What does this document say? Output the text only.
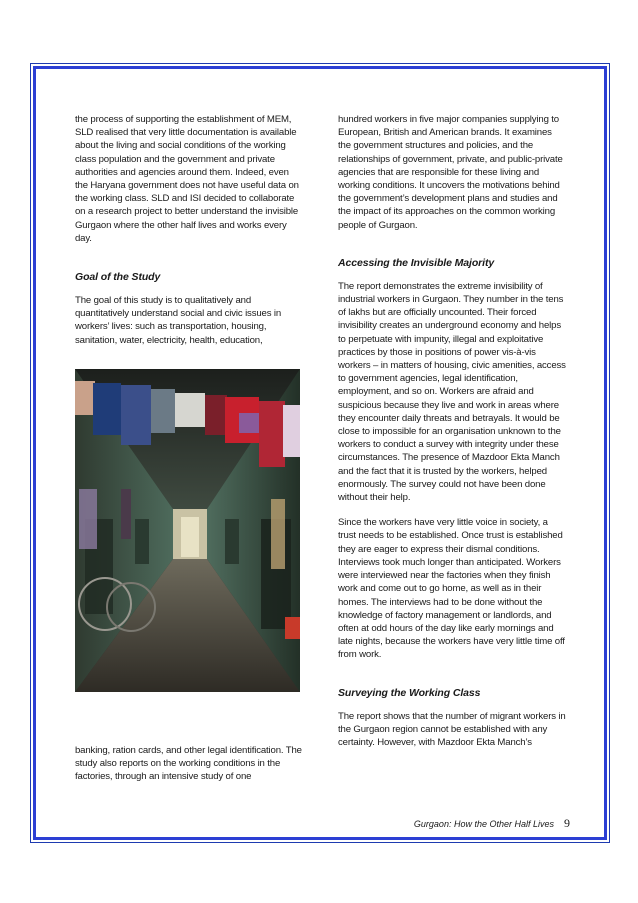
the process of supporting the establishment of MEM, SLD realised that very little documentation is available about the living and social conditions of the working class population and the government and private authorities and agencies around them. Indeed, even the Haryana government does not have useful data on the working class. SLD and ISI decided to collaborate on a research project to better understand the invisible Gurgaon where the other half lives and works every day.

Goal of the Study

The goal of this study is to qualitatively and quantitatively understand social and civic issues in workers’ lives: such as transportation, housing, sanitation, water, electricity, health, education,

banking, ration cards, and other legal identification. The study also reports on the working conditions in the factories, through an intensive study of one

hundred workers in five major companies supplying to European, British and American brands. It examines the government structures and policies, and the relationships of government, private, and public-private agencies that are responsible for these living and working conditions. It uncovers the motivations behind the government’s development plans and studies and the impact of its approaches on the common working people of Gurgaon.

Accessing the Invisible Majority

The report demonstrates the extreme invisibility of industrial workers in Gurgaon. They number in the tens of lakhs but are officially uncounted. Their forced invisibility creates an underground economy and helps to perpetuate with impunity, illegal and exploitative practices by those in positions of power vis-à-vis workers – in matters of housing, civic amenities, access to government agencies, legal identification, employment, and so on. Workers are afraid and suspicious because they live and work in areas where they encounter daily threats and betrayals. It would be close to impossible for an organisation unknown to the workers to conduct a survey with integrity under these circumstances. The presence of Mazdoor Ekta Manch and the fact that it is trusted by the workers, helped enormously. The survey could not have been done without their help.

Since the workers have very little voice in society, a trust needs to be established. Once trust is established they are eager to express their dismal conditions. Interviews took much longer than anticipated. Workers were interviewed near the factories when they finish work and come out to go home, as well as in their homes. The interviews had to be done without the knowledge of factory management or landlords, and often at odd hours of the day like early mornings and late nights, because the workers have very little time off from work.

Surveying the Working Class

The report shows that the number of migrant workers in the Gurgaon region cannot be established with any certainty. However, with Mazdoor Ekta Manch’s

Gurgaon: How the Other Half Lives 9
